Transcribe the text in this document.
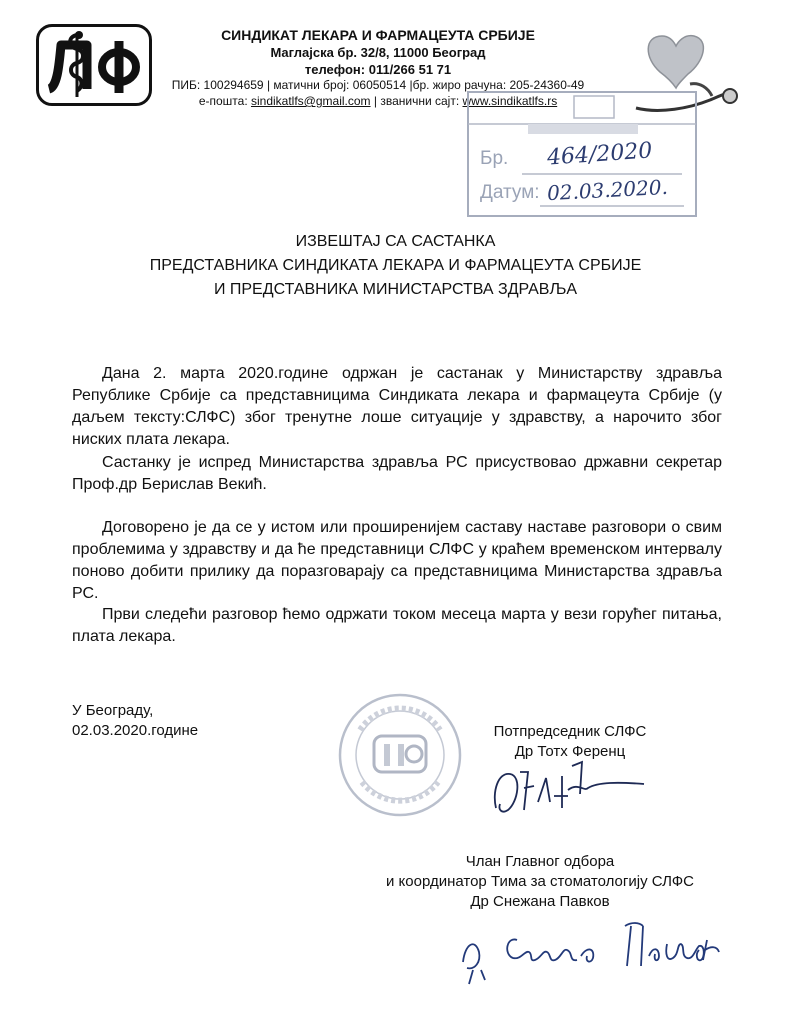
СИНДИКАТ ЛЕКАРА И ФАРМАЦЕУТА СРБИЈЕ
Маглајска бр. 32/8, 11000 Београд
телефон: 011/266 51 71
ПИБ: 100294659 | матични број: 06050514 |бр. жиро рачуна: 205-24360-49
е-пошта: sindikatlfs@gmail.com | званични сајт: www.sindikatlfs.rs
Бр.
Датум:
464/2020
02.03.2020.
ИЗВЕШТАЈ СА САСТАНКА
ПРЕДСТАВНИКА СИНДИКАТА ЛЕКАРА И ФАРМАЦЕУТА СРБИЈЕ
И ПРЕДСТАВНИКА МИНИСТАРСТВА ЗДРАВЉА

Дана 2. марта 2020.године одржан је састанак у Министарству здравља Републике Србије са представницима Синдиката лекара и фармацеута Србије (у даљем тексту:СЛФС) због тренутне лоше ситуације у здравству, а нарочито због ниских плата лекара.

Састанку је испред Министарства здравља РС присуствовао државни секретар Проф.др Берислав Векић.

Договорено је да се у истом или проширенијем саставу наставе разговори о свим проблемима у здравству и да ће представници СЛФС у краћем временском интервалу поново добити прилику да поразговарају са представницима Министарства здравља РС.

Први следећи разговор ћемо одржати током месеца марта у вези горућег питања, плата лекара.

У Београду,
02.03.2020.године	Потпредседник СЛФС
Др Тотх Ференц
Члан Главног одбора
и координатор Тима за стоматологију СЛФС
Др Снежана Павков
